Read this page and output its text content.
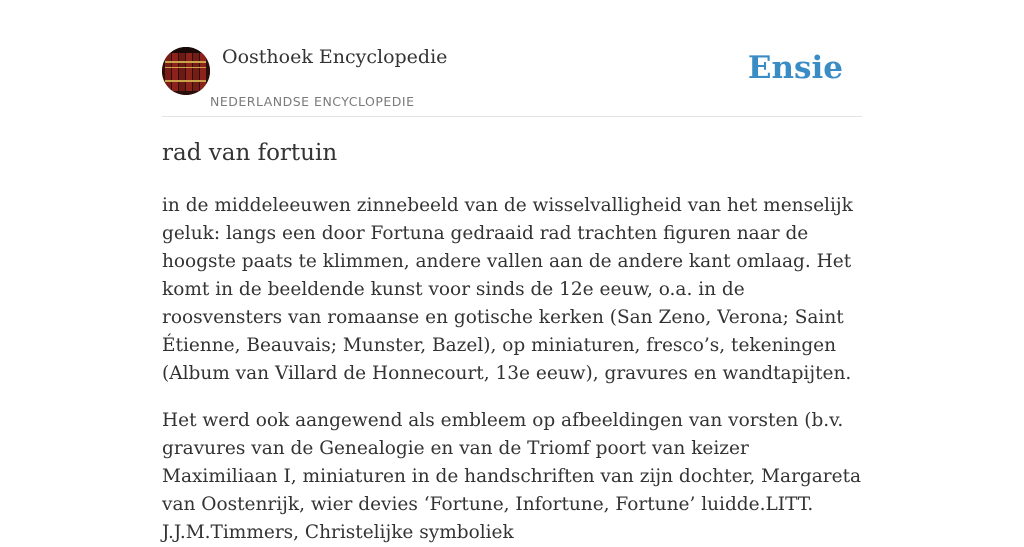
Oosthoek Encyclopedie
NEDERLANDSE ENCYCLOPEDIE
Ensie
rad van fortuin

in de middeleeuwen zinnebeeld van de wisselvalligheid van het menselijk geluk: langs een door Fortuna gedraaid rad trachten figuren naar de hoogste paats te klimmen, andere vallen aan de andere kant omlaag. Het komt in de beeldende kunst voor sinds de 12e eeuw, o.a. in de roosvensters van romaanse en gotische kerken (San Zeno, Verona; Saint Étienne, Beauvais; Munster, Bazel), op miniaturen, fresco’s, tekeningen (Album van Villard de Honnecourt, 13e eeuw), gravures en wandtapijten.

Het werd ook aangewend als embleem op afbeeldingen van vorsten (b.v. gravures van de Genealogie en van de Triomf poort van keizer Maximiliaan I, miniaturen in de handschriften van zijn dochter, Margareta van Oostenrijk, wier devies ‘Fortune, Infortune, Fortune’ luidde.LITT. J.J.M.Timmers, Christelijke symboliek
